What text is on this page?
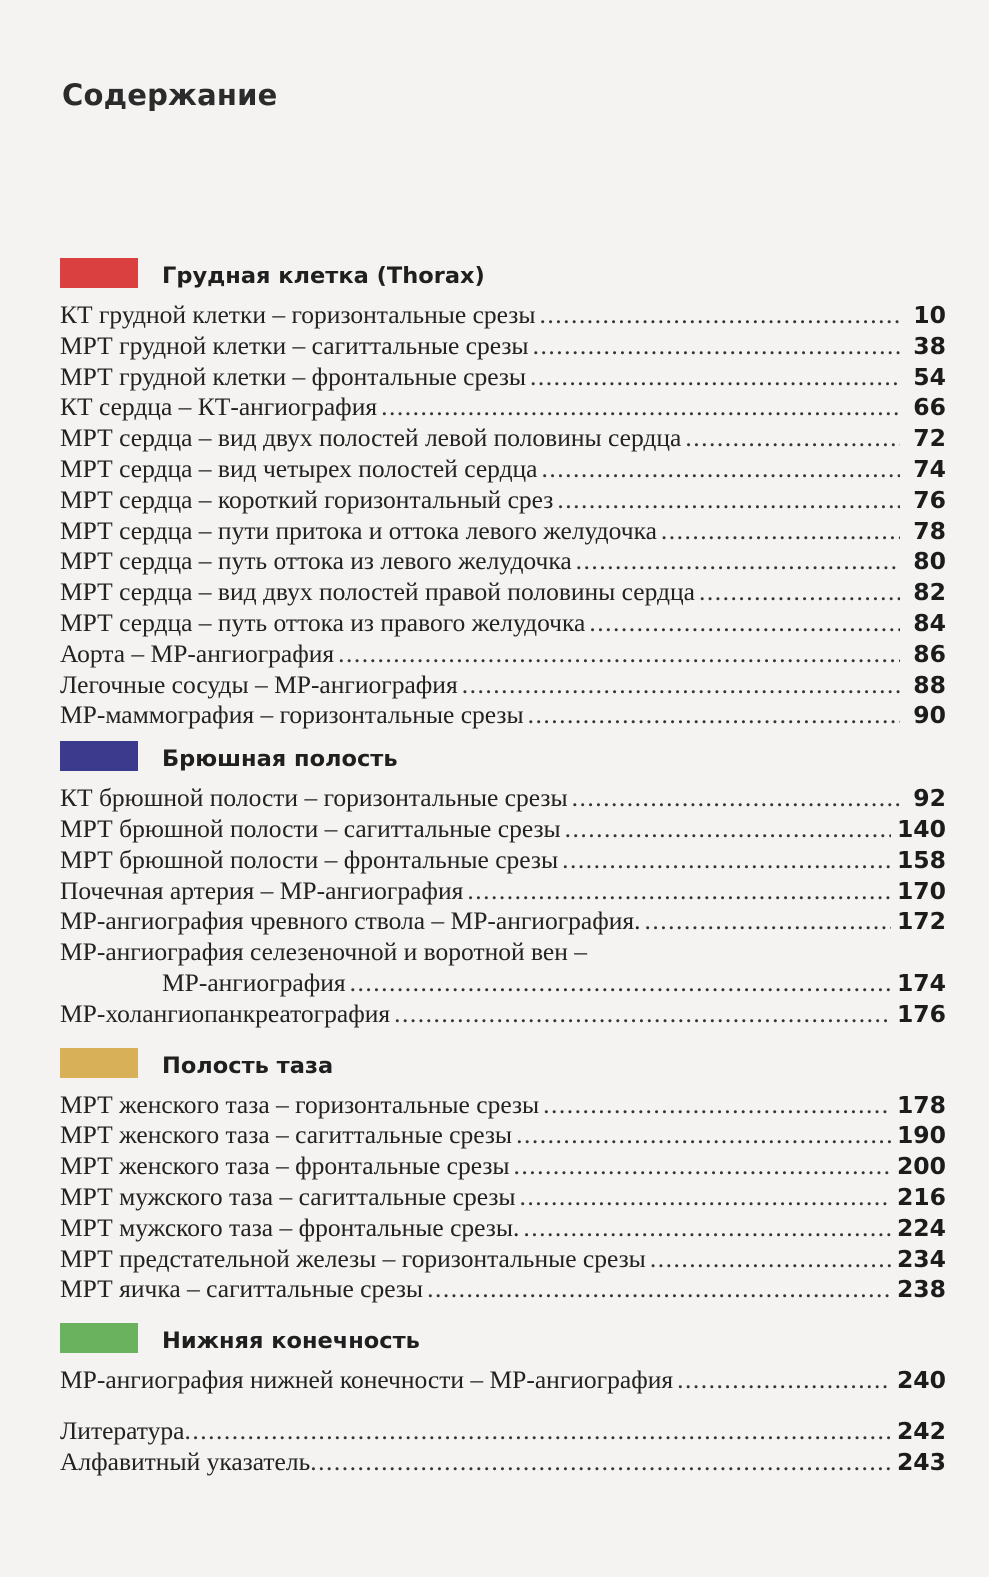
Содержание
Грудная клетка (Thorax)
КТ грудной клетки – горизонтальные срезы .....	10
МРТ грудной клетки – сагиттальные срезы .....	38
МРТ грудной клетки – фронтальные срезы .....	54
КТ сердца – КТ-ангиография .....	66
МРТ сердца – вид двух полостей левой половины сердца .....	72
МРТ сердца – вид четырех полостей сердца .....	74
МРТ сердца – короткий горизонтальный срез .....	76
МРТ сердца – пути притока и оттока левого желудочка .....	78
МРТ сердца – путь оттока из левого желудочка .....	80
МРТ сердца – вид двух полостей правой половины сердца .....	82
МРТ сердца – путь оттока из правого желудочка .....	84
Аорта – МР-ангиография .....	86
Легочные сосуды – МР-ангиография .....	88
МР-маммография – горизонтальные срезы .....	90
Брюшная полость
КТ брюшной полости – горизонтальные срезы .....	92
МРТ брюшной полости – сагиттальные срезы .....	140
МРТ брюшной полости – фронтальные срезы .....	158
Почечная артерия – МР-ангиография .....	170
МР-ангиография чревного ствола – МР-ангиография. .....	172
МР-ангиография селезеночной и воротной вен –
МР-ангиография .....	174
МР-холангиопанкреатография .....	176
Полость таза
МРТ женского таза – горизонтальные срезы .....	178
МРТ женского таза – сагиттальные срезы .....	190
МРТ женского таза – фронтальные срезы .....	200
МРТ мужского таза – сагиттальные срезы .....	216
МРТ мужского таза – фронтальные срезы. .....	224
МРТ предстательной железы – горизонтальные срезы .....	234
МРТ яичка – сагиттальные срезы .....	238
Нижняя конечность
МР-ангиография нижней конечности – МР-ангиография .....	240
Литература .....	242
Алфавитный указатель .....	243
